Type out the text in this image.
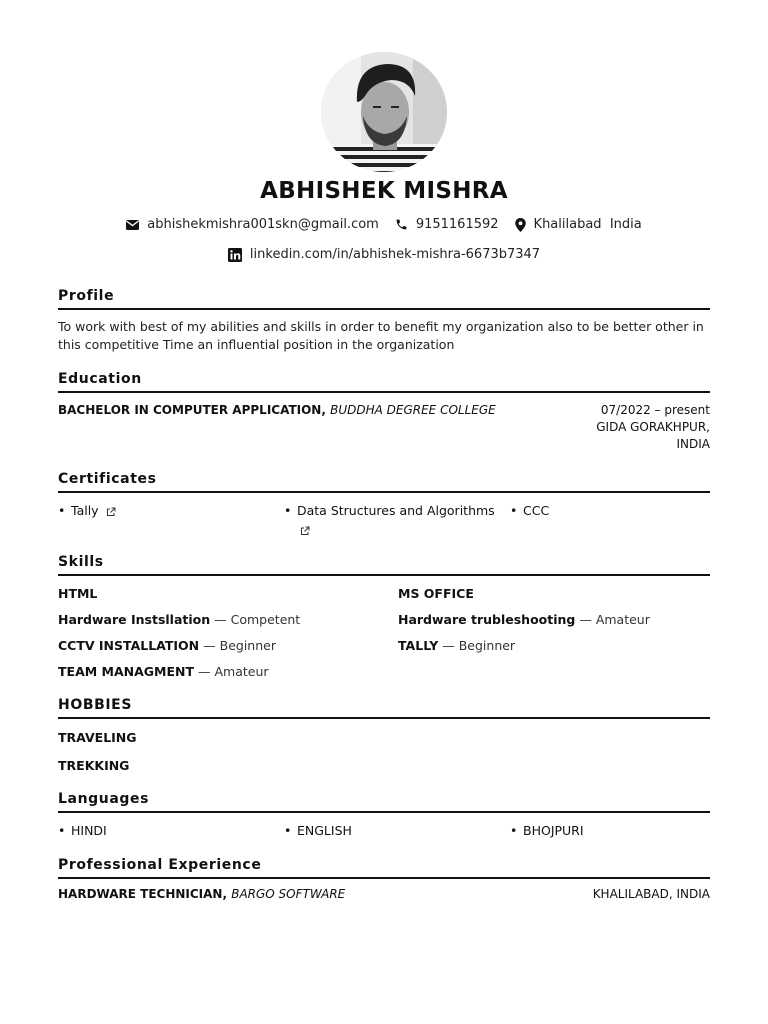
ABHISHEK MISHRA
abhishekmishra001skn@gmail.com	9151161592	Khalilabad  India
linkedin.com/in/abhishek-mishra-6673b7347
Profile
To work with best of my abilities and skills in order to benefit my organization also to be better other in this competitive Time an influential position in the organization
Education
BACHELOR IN COMPUTER APPLICATION, BUDDHA DEGREE COLLEGE	07/2022 – present
GIDA GORAKHPUR, INDIA
Certificates
• Tally	• Data Structures and Algorithms • CCC
Skills
HTML	MS OFFICE
Hardware Instsllation — Competent	Hardware trubleshooting — Amateur
CCTV INSTALLATION — Beginner	TALLY — Beginner
TEAM MANAGMENT — Amateur
HOBBIES
TRAVELING
TREKKING
Languages
• HINDI	• ENGLISH	• BHOJPURI
Professional Experience
HARDWARE TECHNICIAN, BARGO SOFTWARE	KHALILABAD, INDIA
